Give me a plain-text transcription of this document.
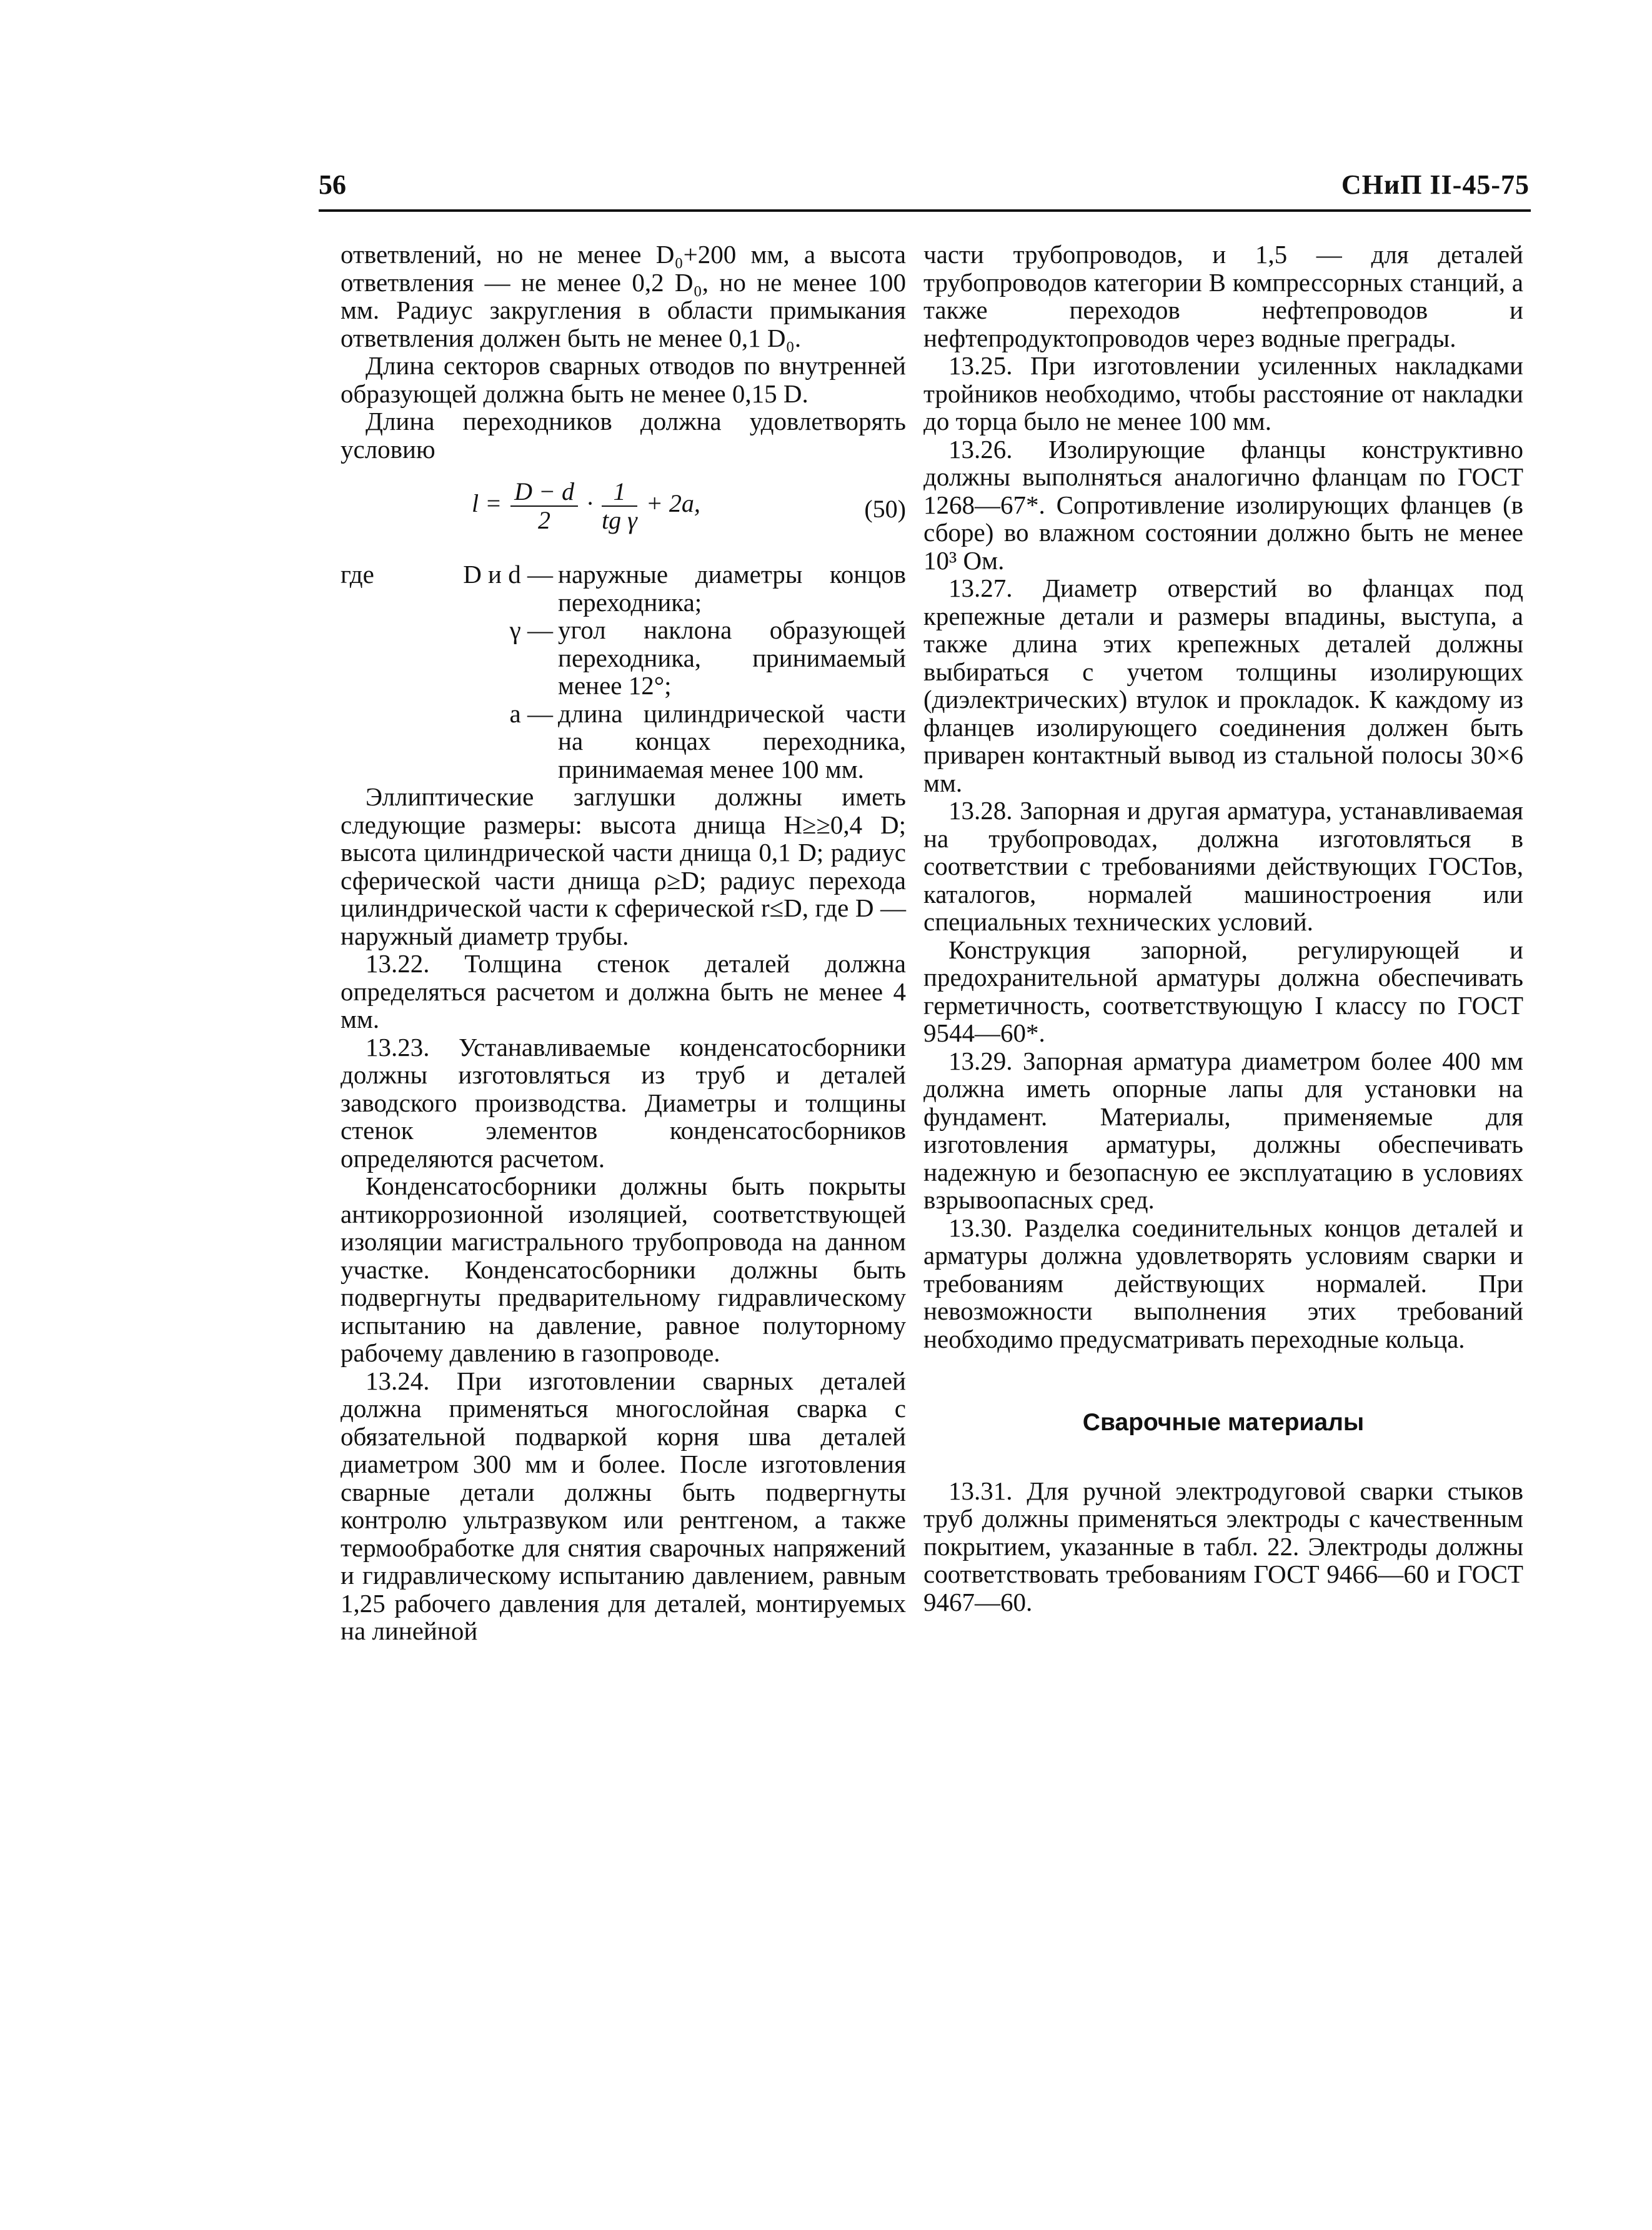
56	СНиП II-45-75

ответвлений, но не менее D₀+200 мм, а высота ответвления — не менее 0,2 D₀, но не менее 100 мм. Радиус закругления в области примыкания ответвления должен быть не менее 0,1 D₀.

Длина секторов сварных отводов по внутренней образующей должна быть не менее 0,15 D.

Длина переходников должна удовлетворять условию

$l = \frac{D - d}{2} \cdot \frac{1}{\text{tg γ}} + 2a$,	(50)
где	D и d — наружные диаметры концов переходника;
γ — угол наклона образующей переходника, принимаемый менее 12°;
a — длина цилиндрической части на концах переходника, принимаемая менее 100 мм.

Эллиптические заглушки должны иметь следующие размеры: высота днища H≥≥0,4 D; высота цилиндрической части днища 0,1 D; радиус сферической части днища ρ≥D; радиус перехода цилиндрической части к сферической r≤D, где D — наружный диаметр трубы.

13.22. Толщина стенок деталей должна определяться расчетом и должна быть не менее 4 мм.

13.23. Устанавливаемые конденсатосборники должны изготовляться из труб и деталей заводского производства. Диаметры и толщины стенок элементов конденсатосборников определяются расчетом.

Конденсатосборники должны быть покрыты антикоррозионной изоляцией, соответствующей изоляции магистрального трубопровода на данном участке. Конденсатосборники должны быть подвергнуты предварительному гидравлическому испытанию на давление, равное полуторному рабочему давлению в газопроводе.

13.24. При изготовлении сварных деталей должна применяться многослойная сварка с обязательной подваркой корня шва деталей диаметром 300 мм и более. После изготовления сварные детали должны быть подвергнуты контролю ультразвуком или рентгеном, а также термообработке для снятия сварочных напряжений и гидравлическому испытанию давлением, равным 1,25 рабочего давления для деталей, монтируемых на линейной

части трубопроводов, и 1,5 — для деталей трубопроводов категории В компрессорных станций, а также переходов нефтепроводов и нефтепродуктопроводов через водные преграды.

13.25. При изготовлении усиленных накладками тройников необходимо, чтобы расстояние от накладки до торца было не менее 100 мм.

13.26. Изолирующие фланцы конструктивно должны выполняться аналогично фланцам по ГОСТ 1268—67*. Сопротивление изолирующих фланцев (в сборе) во влажном состоянии должно быть не менее 10³ Ом.

13.27. Диаметр отверстий во фланцах под крепежные детали и размеры впадины, выступа, а также длина этих крепежных деталей должны выбираться с учетом толщины изолирующих (диэлектрических) втулок и прокладок. К каждому из фланцев изолирующего соединения должен быть приварен контактный вывод из стальной полосы 30×6 мм.

13.28. Запорная и другая арматура, устанавливаемая на трубопроводах, должна изготовляться в соответствии с требованиями действующих ГОСТов, каталогов, нормалей машиностроения или специальных технических условий.

Конструкция запорной, регулирующей и предохранительной арматуры должна обеспечивать герметичность, соответствующую I классу по ГОСТ 9544—60*.

13.29. Запорная арматура диаметром более 400 мм должна иметь опорные лапы для установки на фундамент. Материалы, применяемые для изготовления арматуры, должны обеспечивать надежную и безопасную ее эксплуатацию в условиях взрывоопасных сред.

13.30. Разделка соединительных концов деталей и арматуры должна удовлетворять условиям сварки и требованиям действующих нормалей. При невозможности выполнения этих требований необходимо предусматривать переходные кольца.

Сварочные материалы

13.31. Для ручной электродуговой сварки стыков труб должны применяться электроды с качественным покрытием, указанные в табл. 22. Электроды должны соответствовать требованиям ГОСТ 9466—60 и ГОСТ 9467—60.
